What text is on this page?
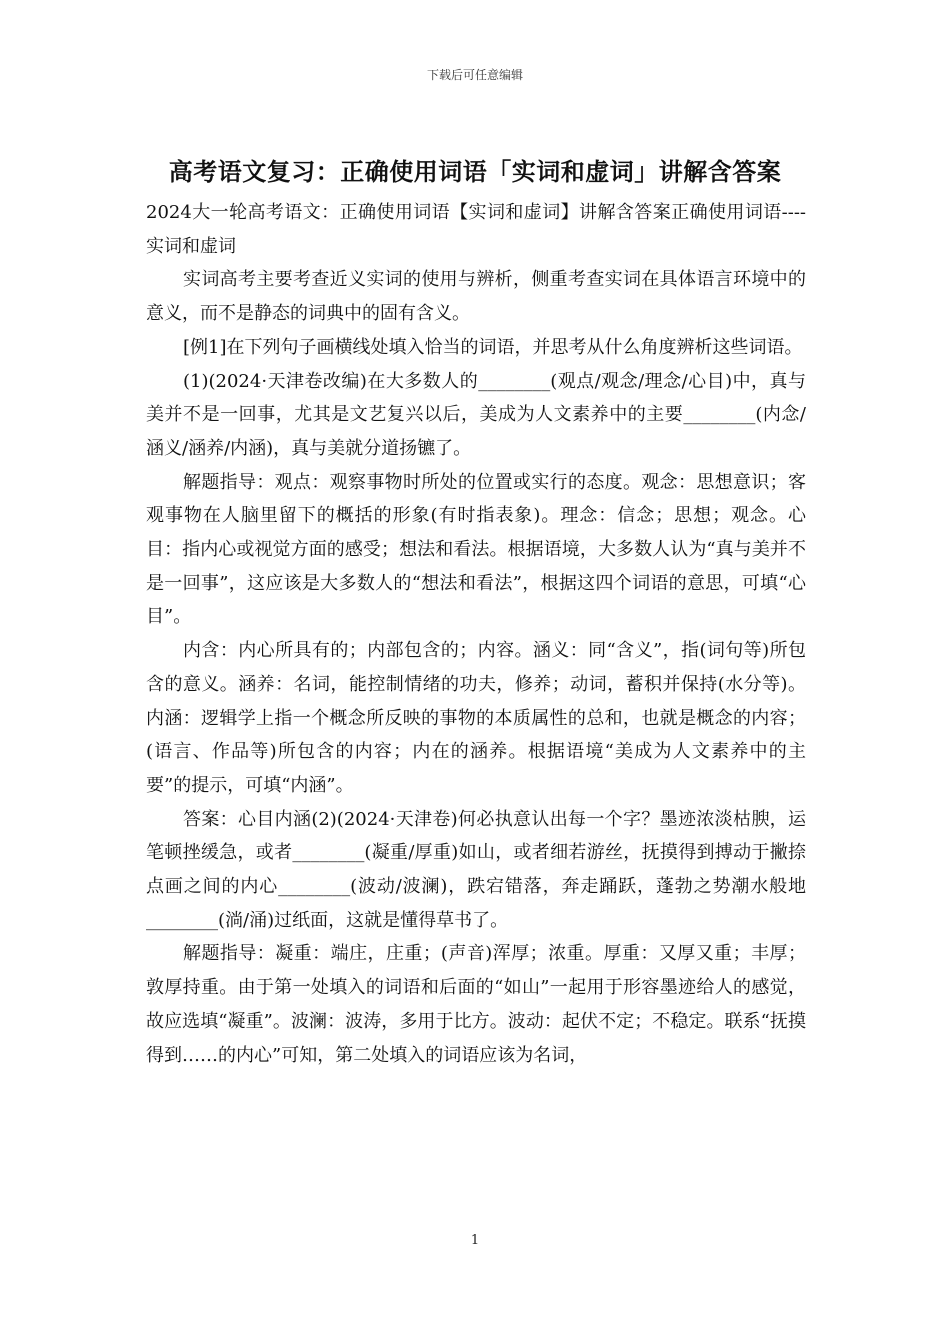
下载后可任意编辑
高考语文复习：正确使用词语「实词和虚词」讲解含答案

2024大一轮高考语文：正确使用词语【实词和虚词】讲解含答案正确使用词语----实词和虚词

实词高考主要考查近义实词的使用与辨析，侧重考查实词在具体语言环境中的意义，而不是静态的词典中的固有含义。

[例1]在下列句子画横线处填入恰当的词语，并思考从什么角度辨析这些词语。

(1)(2024·天津卷改编)在大多数人的________(观点/观念/理念/心目)中，真与美并不是一回事，尤其是文艺复兴以后，美成为人文素养中的主要________(内念/涵义/涵养/内涵)，真与美就分道扬镳了。

解题指导：观点：观察事物时所处的位置或实行的态度。观念：思想意识；客观事物在人脑里留下的概括的形象(有时指表象)。理念：信念；思想；观念。心目：指内心或视觉方面的感受；想法和看法。根据语境，大多数人认为“真与美并不是一回事”，这应该是大多数人的“想法和看法”，根据这四个词语的意思，可填“心目”。

内含：内心所具有的；内部包含的；内容。涵义：同“含义”，指(词句等)所包含的意义。涵养：名词，能控制情绪的功夫，修养；动词，蓄积并保持(水分等)。内涵：逻辑学上指一个概念所反映的事物的本质属性的总和，也就是概念的内容；(语言、作品等)所包含的内容；内在的涵养。根据语境“美成为人文素养中的主要”的提示，可填“内涵”。

答案：心目内涵(2)(2024·天津卷)何必执意认出每一个字？墨迹浓淡枯腴，运笔顿挫缓急，或者________(凝重/厚重)如山，或者细若游丝，抚摸得到搏动于撇捺点画之间的内心________(波动/波澜)，跌宕错落，奔走踊跃，蓬勃之势潮水般地________(淌/涌)过纸面，这就是懂得草书了。

解题指导：凝重：端庄，庄重；(声音)浑厚；浓重。厚重：又厚又重；丰厚；敦厚持重。由于第一处填入的词语和后面的“如山”一起用于形容墨迹给人的感觉，故应选填“凝重”。波澜：波涛，多用于比方。波动：起伏不定；不稳定。联系“抚摸得到……的内心”可知，第二处填入的词语应该为名词，

1
